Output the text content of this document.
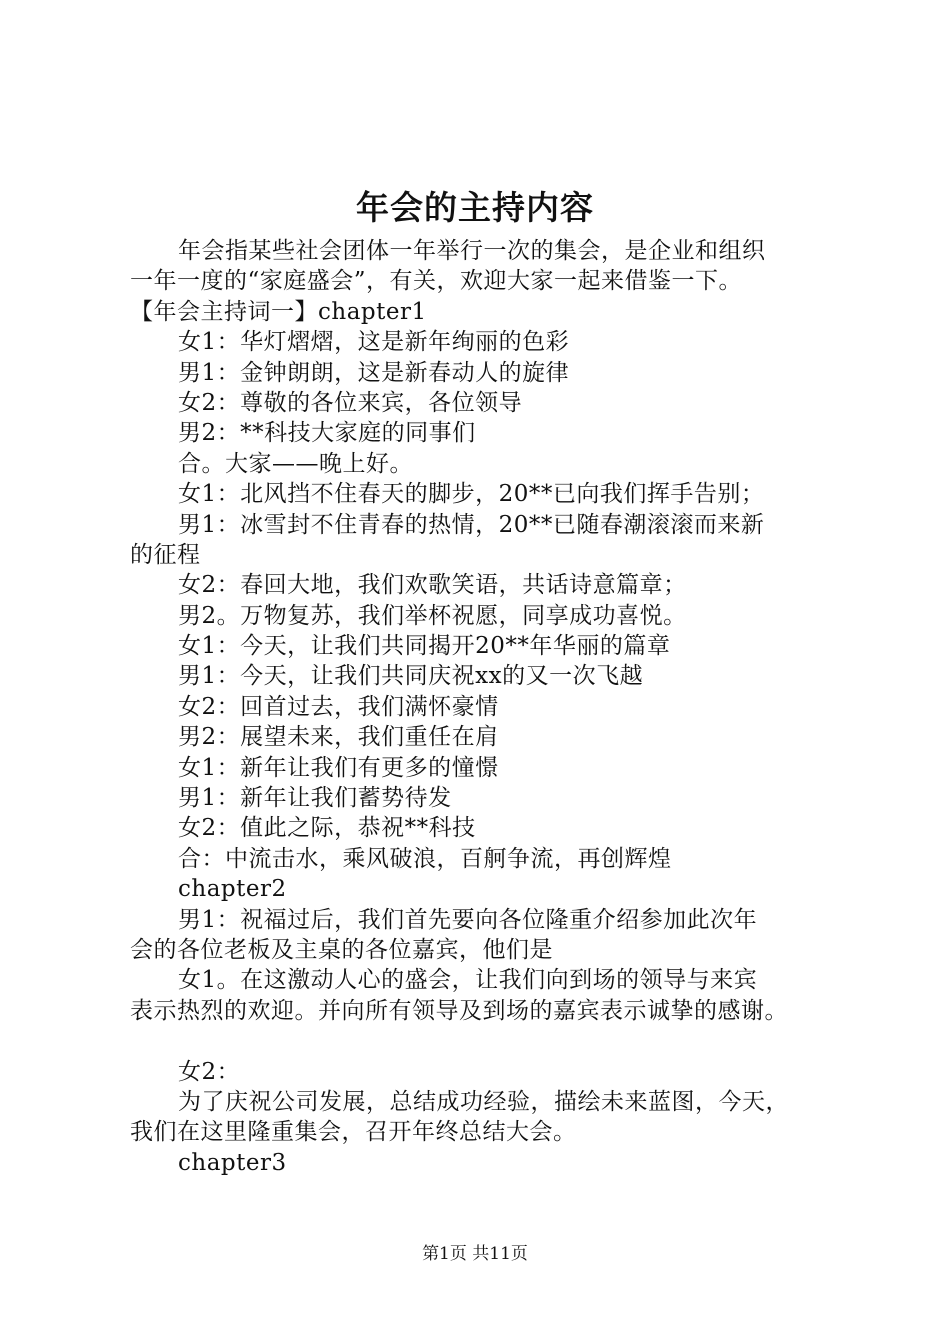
年会的主持内容
年会指某些社会团体一年举行一次的集会，是企业和组织
一年一度的“家庭盛会”，有关，欢迎大家一起来借鉴一下。
【年会主持词一】chapter1
女1：华灯熠熠，这是新年绚丽的色彩
男1：金钟朗朗，这是新春动人的旋律
女2：尊敬的各位来宾，各位领导
男2：**科技大家庭的同事们
合。大家——晚上好。
女1：北风挡不住春天的脚步，20**已向我们挥手告别；
男1：冰雪封不住青春的热情，20**已随春潮滚滚而来新
的征程
女2：春回大地，我们欢歌笑语，共话诗意篇章；
男2。万物复苏，我们举杯祝愿，同享成功喜悦。
女1：今天，让我们共同揭开20**年华丽的篇章
男1：今天，让我们共同庆祝xx的又一次飞越
女2：回首过去，我们满怀豪情
男2：展望未来，我们重任在肩
女1：新年让我们有更多的憧憬
男1：新年让我们蓄势待发
女2：值此之际，恭祝**科技
合：中流击水，乘风破浪，百舸争流，再创辉煌
chapter2
男1：祝福过后，我们首先要向各位隆重介绍参加此次年
会的各位老板及主桌的各位嘉宾，他们是
女1。在这激动人心的盛会，让我们向到场的领导与来宾
表示热烈的欢迎。并向所有领导及到场的嘉宾表示诚挚的感谢。
女2：
为了庆祝公司发展，总结成功经验，描绘未来蓝图，今天，
我们在这里隆重集会，召开年终总结大会。
chapter3
第1页 共11页
